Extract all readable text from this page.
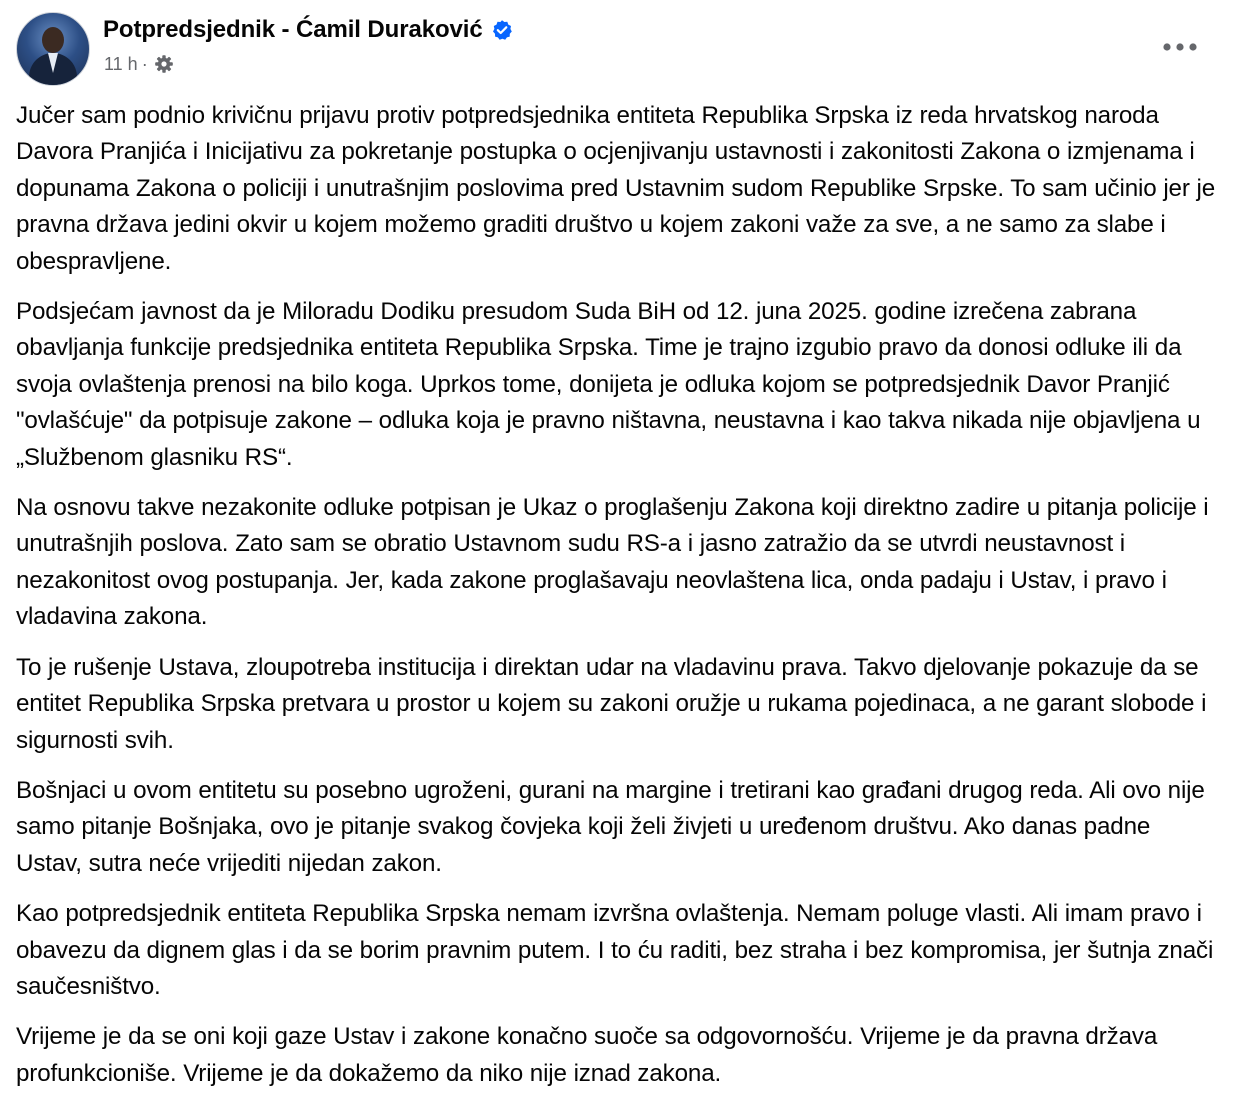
Potpredsjednik - Ćamil Duraković
11 h ·

Jučer sam podnio krivičnu prijavu protiv potpredsjednika entiteta Republika Srpska iz reda hrvatskog naroda Davora Pranjića i Inicijativu za pokretanje postupka o ocjenjivanju ustavnosti i zakonitosti Zakona o izmjenama i dopunama Zakona o policiji i unutrašnjim poslovima pred Ustavnim sudom Republike Srpske. To sam učinio jer je pravna država jedini okvir u kojem možemo graditi društvo u kojem zakoni važe za sve, a ne samo za slabe i obespravljene.

Podsjećam javnost da je Miloradu Dodiku presudom Suda BiH od 12. juna 2025. godine izrečena zabrana obavljanja funkcije predsjednika entiteta Republika Srpska. Time je trajno izgubio pravo da donosi odluke ili da svoja ovlaštenja prenosi na bilo koga. Uprkos tome, donijeta je odluka kojom se potpredsjednik Davor Pranjić "ovlašćuje" da potpisuje zakone – odluka koja je pravno ništavna, neustavna i kao takva nikada nije objavljena u „Službenom glasniku RS“.

Na osnovu takve nezakonite odluke potpisan je Ukaz o proglašenju Zakona koji direktno zadire u pitanja policije i unutrašnjih poslova. Zato sam se obratio Ustavnom sudu RS-a i jasno zatražio da se utvrdi neustavnost i nezakonitost ovog postupanja. Jer, kada zakone proglašavaju neovlaštena lica, onda padaju i Ustav, i pravo i vladavina zakona.

To je rušenje Ustava, zloupotreba institucija i direktan udar na vladavinu prava. Takvo djelovanje pokazuje da se entitet Republika Srpska pretvara u prostor u kojem su zakoni oružje u rukama pojedinaca, a ne garant slobode i sigurnosti svih.

Bošnjaci u ovom entitetu su posebno ugroženi, gurani na margine i tretirani kao građani drugog reda. Ali ovo nije samo pitanje Bošnjaka, ovo je pitanje svakog čovjeka koji želi živjeti u uređenom društvu. Ako danas padne Ustav, sutra neće vrijediti nijedan zakon.

Kao potpredsjednik entiteta Republika Srpska nemam izvršna ovlaštenja. Nemam poluge vlasti. Ali imam pravo i obavezu da dignem glas i da se borim pravnim putem. I to ću raditi, bez straha i bez kompromisa, jer šutnja znači saučesništvo.

Vrijeme je da se oni koji gaze Ustav i zakone konačno suoče sa odgovornošću. Vrijeme je da pravna država profunkcioniše. Vrijeme je da dokažemo da niko nije iznad zakona.
